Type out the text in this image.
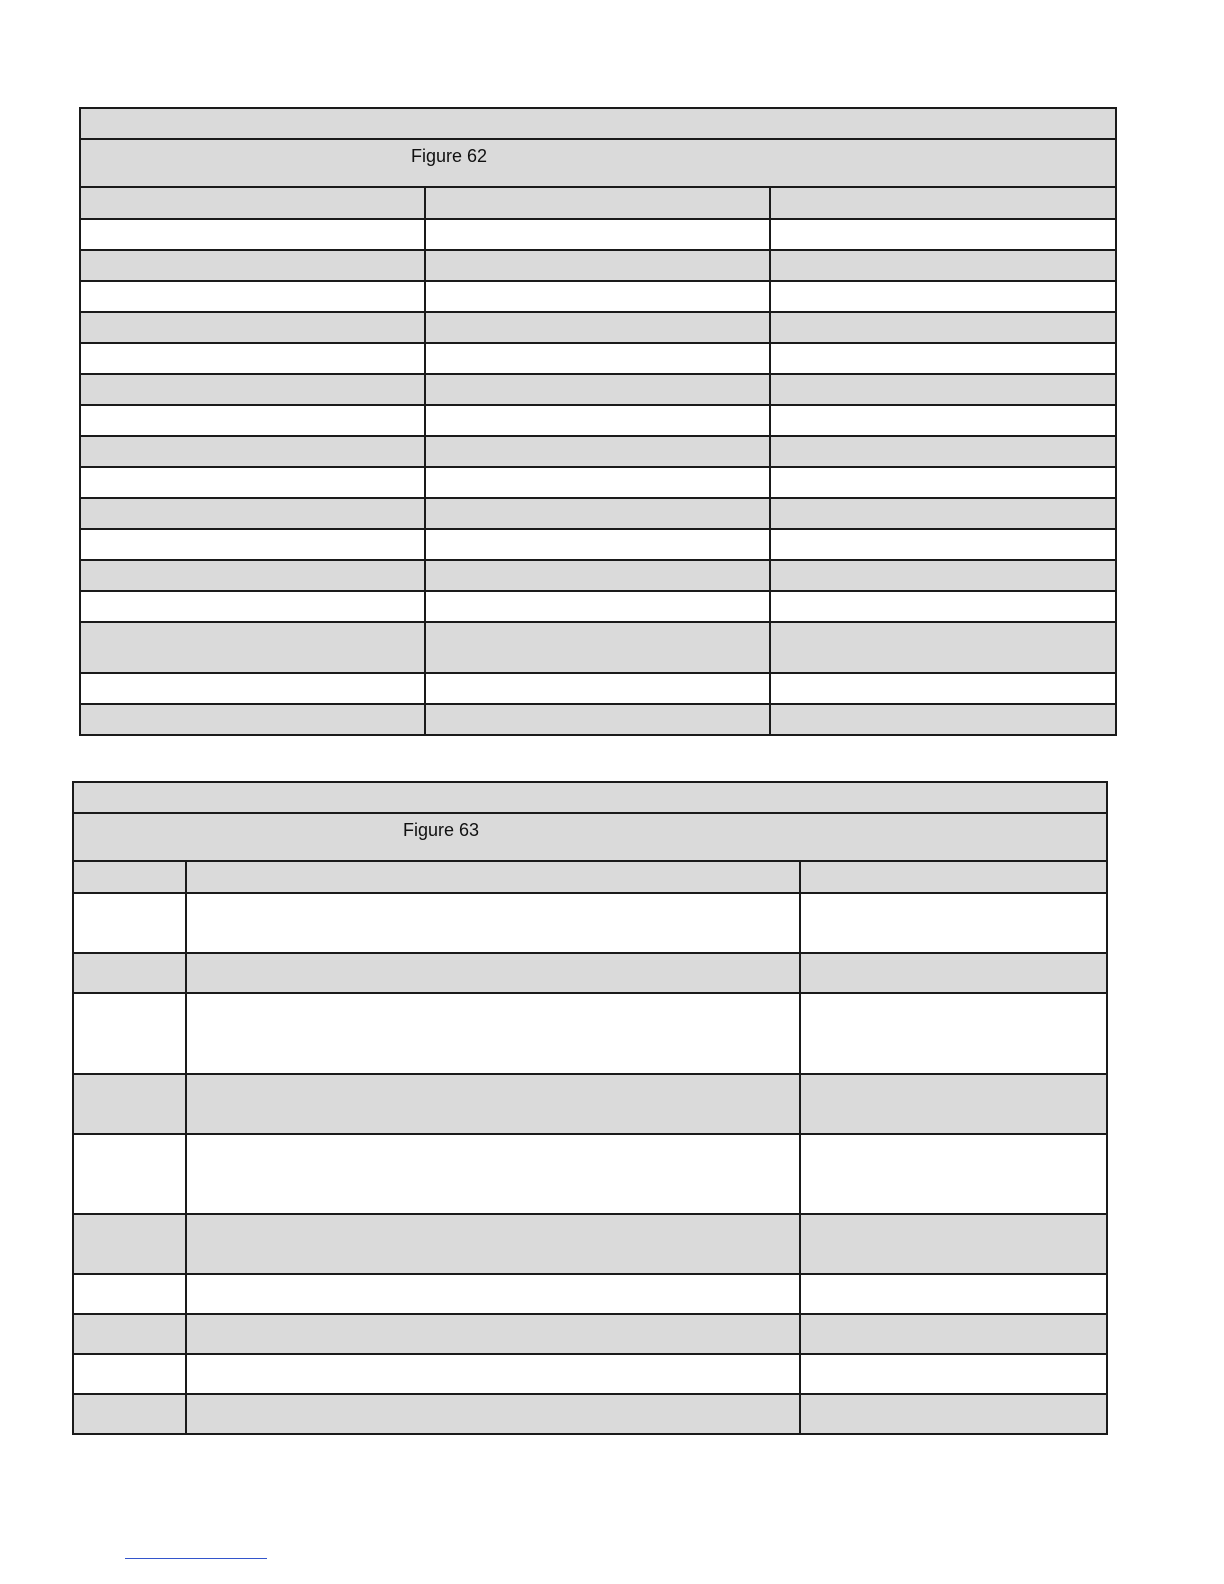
Figure 62		

Figure 63		
